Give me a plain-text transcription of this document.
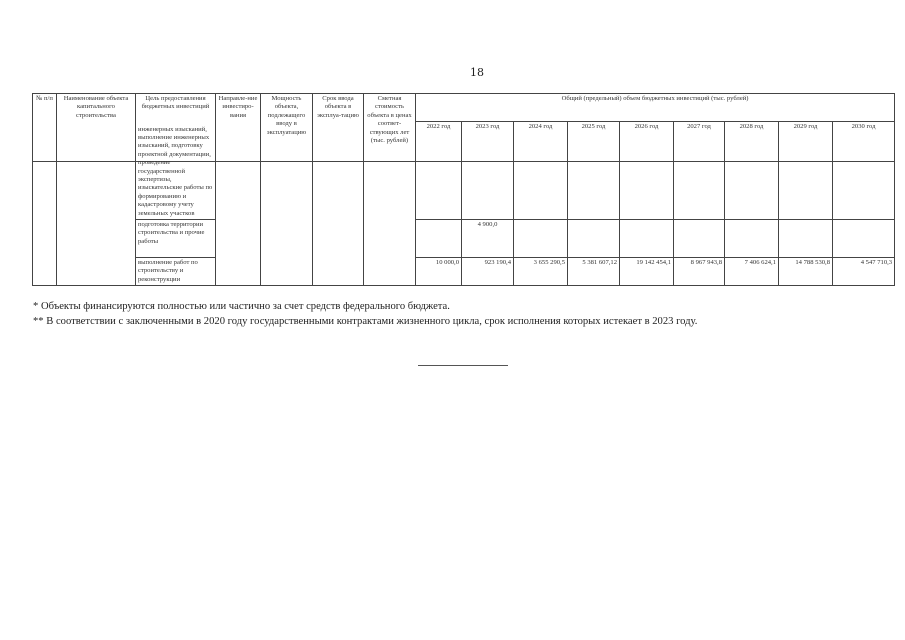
18
№ п/п	Наименование объекта капитального строительства	Цель предоставления бюджетных инвестиций	Направле-ние инвестиро-вания	Мощность объекта, подлежащего вводу в эксплуатацию	Срок ввода объекта в эксплуа-тацию	Сметная стоимость объекта в ценах соответ-ствующих лет (тыс. рублей)	Общий (предельный) объем бюджетных инвестиций (тыс. рублей)								
							2022 год	2023 год	2024 год	2025 год	2026 год	2027 год	2028 год	2029 год	2030 год

		инженерных изысканий, выполнение инженерных изысканий, подготовку проектной документации, проведение государственной экспертизы, изыскательские работы по формированию и кадастровому учету земельных участков													

		подготовка территории строительства и прочие работы						4 900,0							
		выполнение работ по строительству и реконструкции					10 000,0	923 190,4	3 655 290,5	5 381 607,12	19 142 454,1	8 967 943,8	7 406 624,1	14 788 530,8	4 547 710,3

* Объекты финансируются полностью или частично за счет средств федерального бюджета.

** В соответствии с заключенными в 2020 году государственными контрактами жизненного цикла, срок исполнения которых истекает в 2023 году.
